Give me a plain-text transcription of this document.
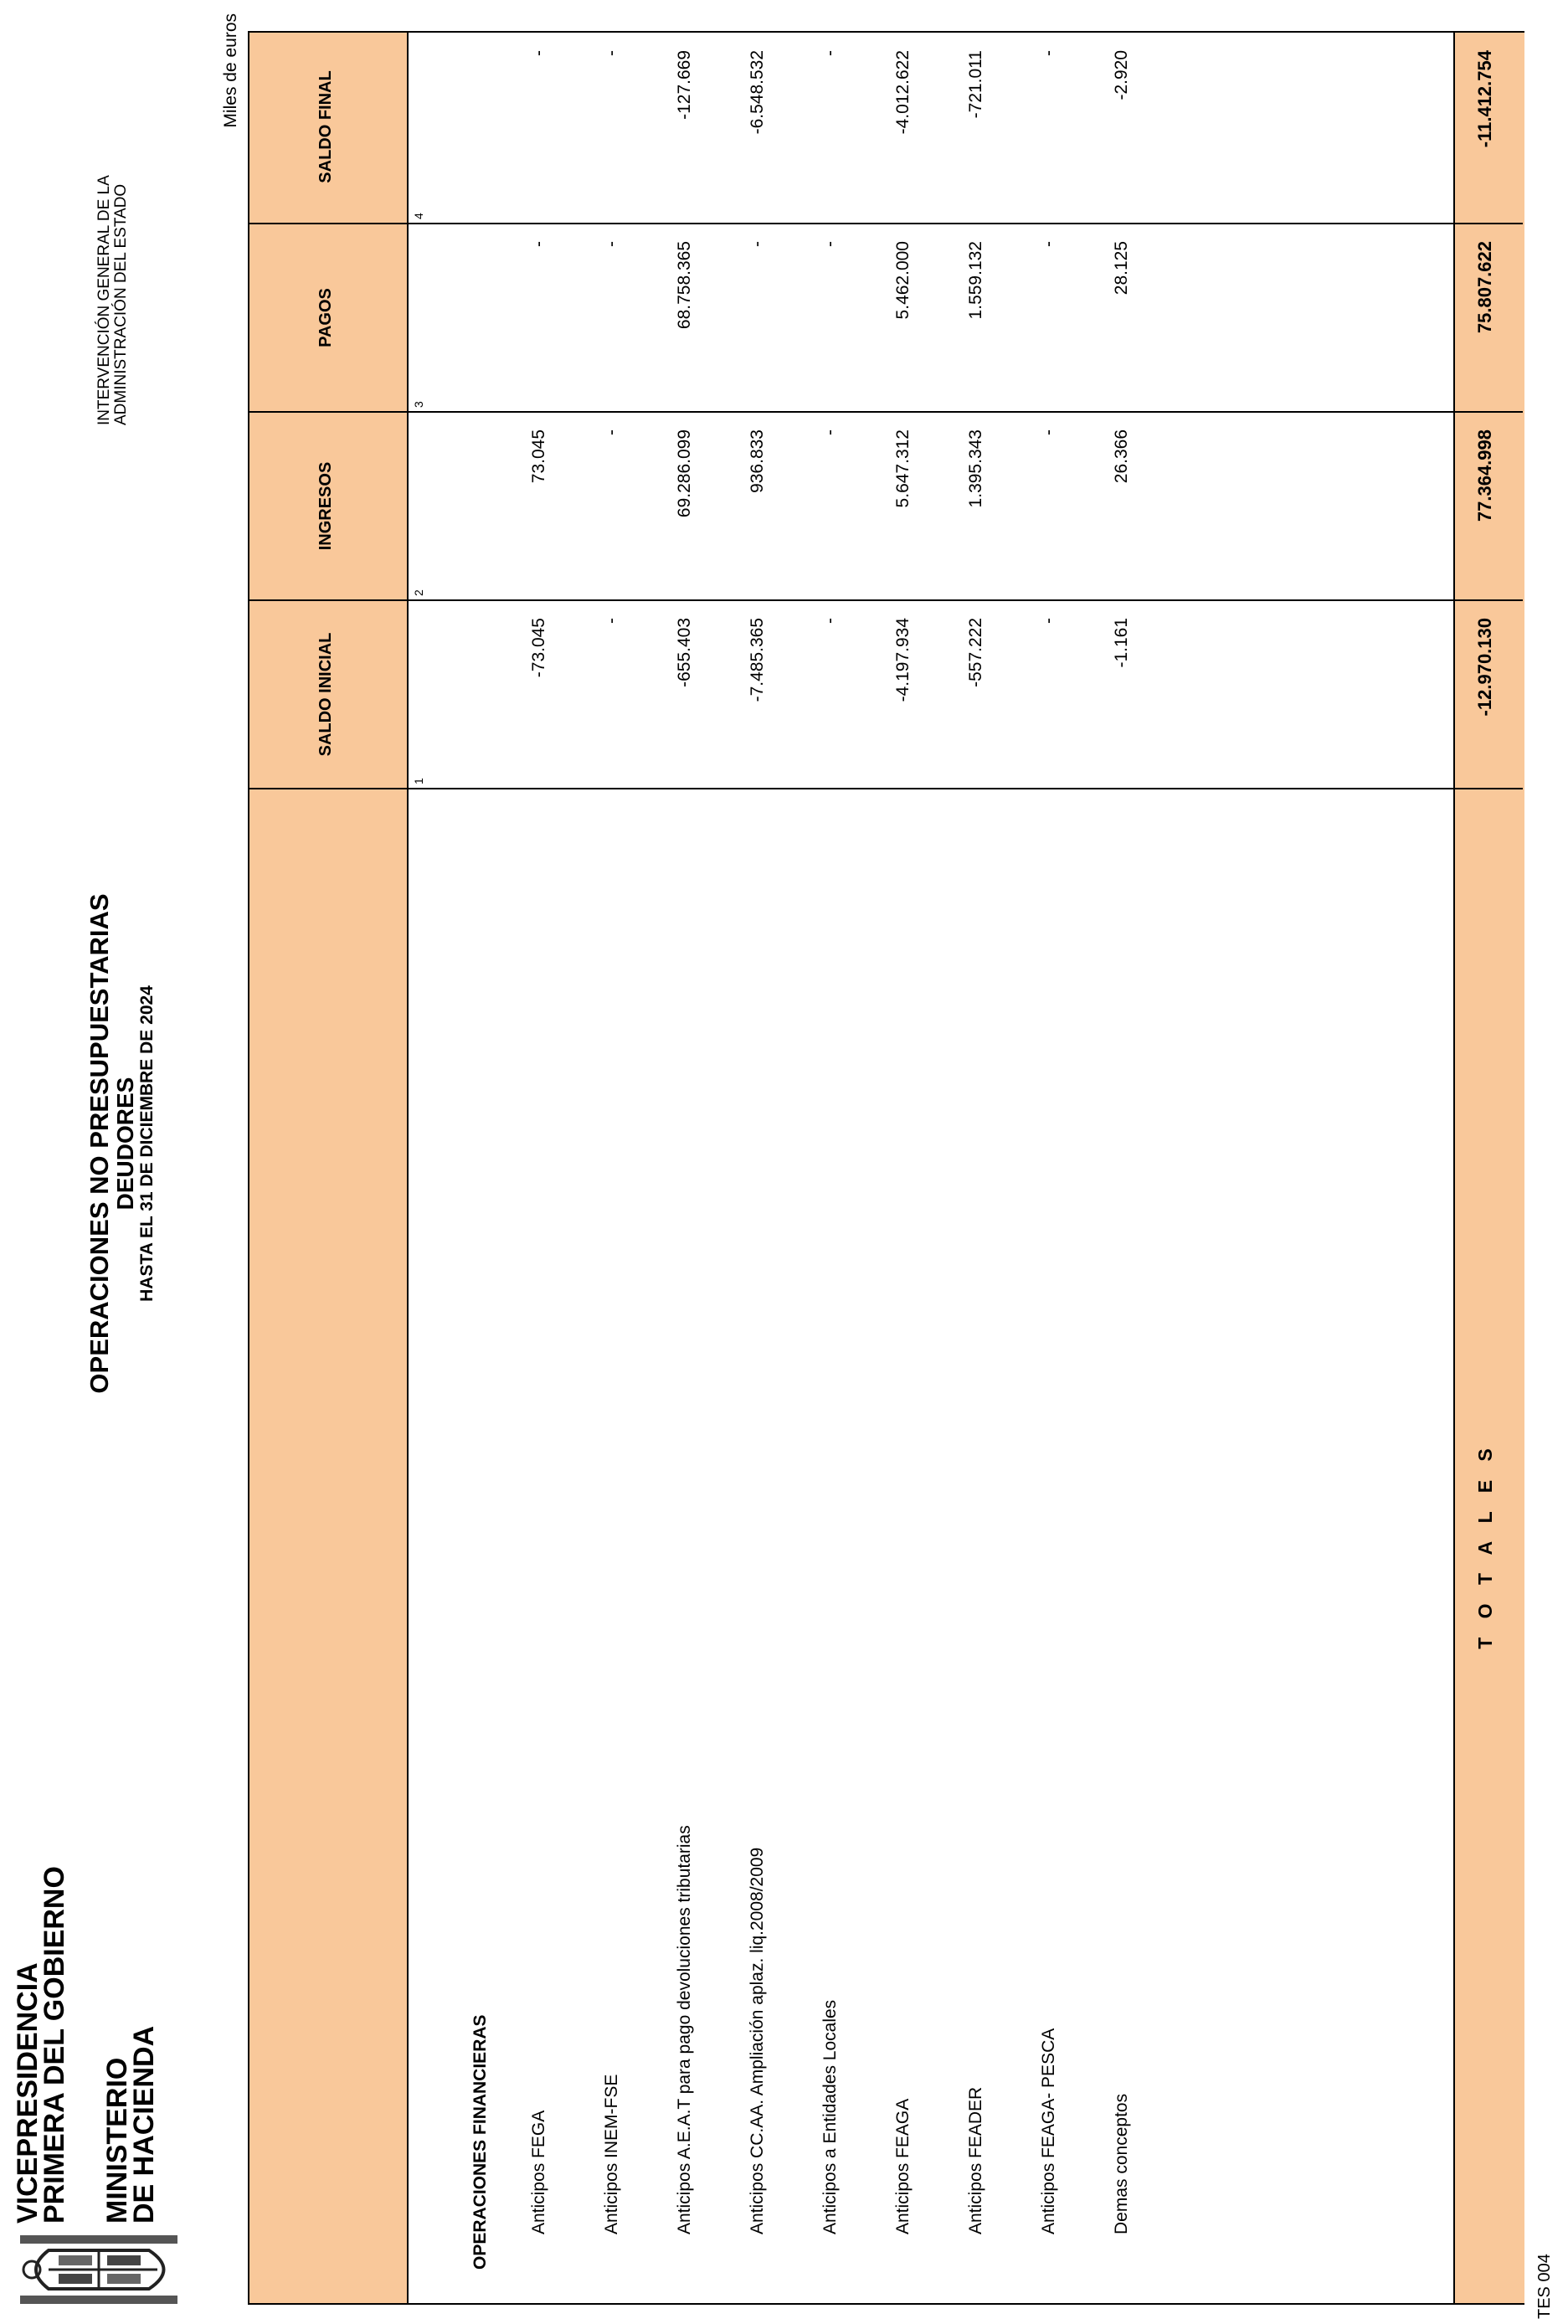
VICEPRESIDENCIA
PRIMERA DEL GOBIERNO MINISTERIO
DE HACIENDA
OPERACIONES NO PRESUPUESTARIAS
DEUDORES HASTA EL 31 DE DICIEMBRE DE 2024
INTERVENCIÓN GENERAL DE LA ADMINISTRACIÓN DEL ESTADO
Miles de euros
SALDO INICIAL
INGRESOS
PAGOS
SALDO FINAL
1
2
3
4
OPERACIONES FINANCIERAS Anticipos FEGA
-73.045
73.045
-
-
Anticipos INEM-FSE
-
-
-
-
Anticipos A.E.A.T para pago devoluciones tributarias
-655.403
69.286.099
68.758.365
-127.669
Anticipos CC.AA. Ampliación aplaz. liq.2008/2009
-7.485.365
936.833
-
-6.548.532
Anticipos a Entidades Locales
-
-
-
-
Anticipos FEAGA
-4.197.934
5.647.312
5.462.000
-4.012.622
Anticipos FEADER
-557.222
1.395.343
1.559.132
-721.011
Anticipos FEAGA- PESCA
-
-
-
-
Demas conceptos
-1.161
26.366
28.125
-2.920
T O T A L E S
-12.970.130
77.364.998
75.807.622
-11.412.754
TES 004
